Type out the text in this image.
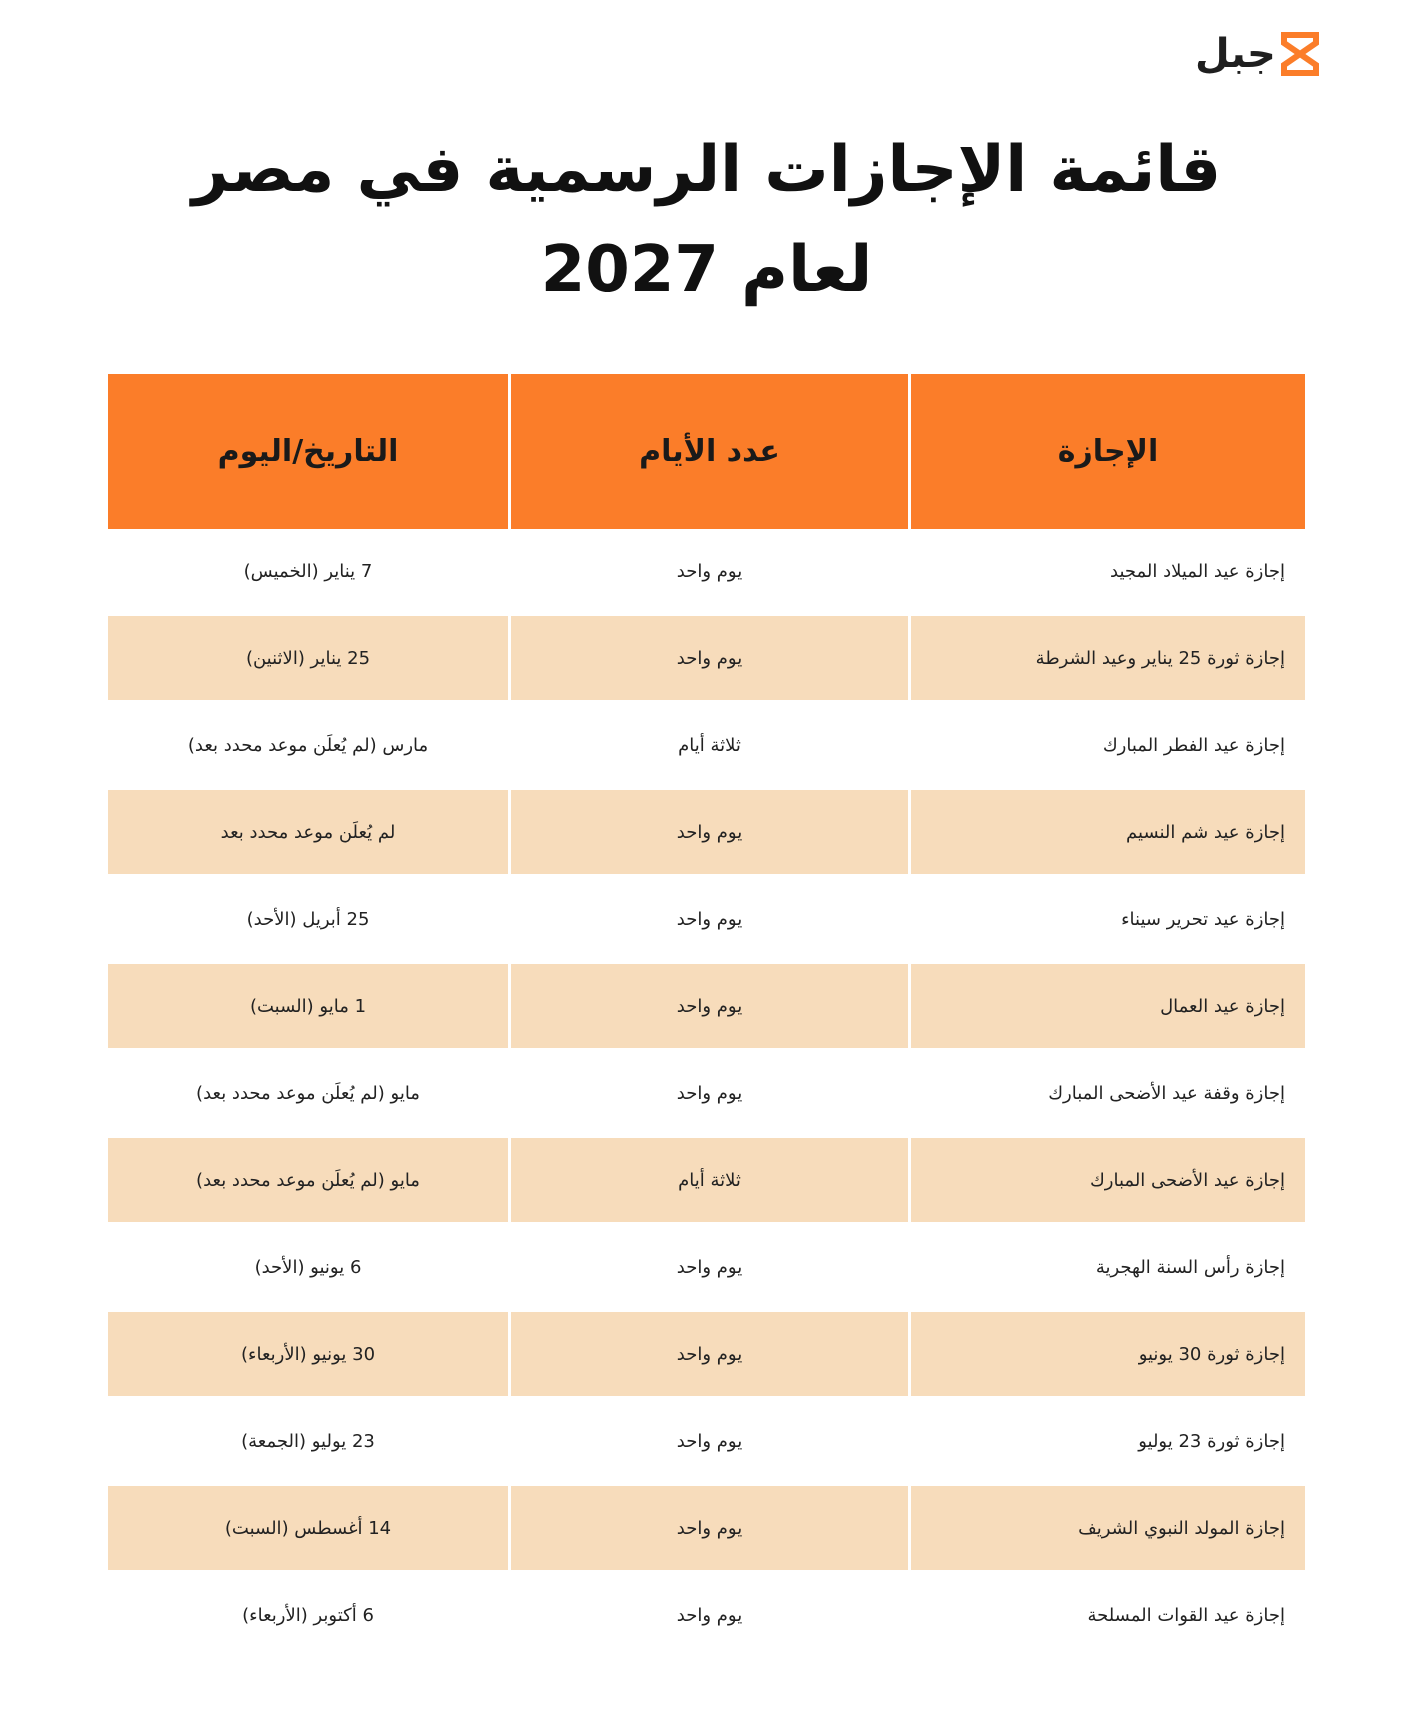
جبل
قائمة الإجازات الرسمية في مصر
لعام 2027
الإجازة
عدد الأيام
التاريخ/اليوم
إجازة عيد الميلاد المجيد
يوم واحد
7 يناير (الخميس)
إجازة ثورة 25 يناير وعيد الشرطة
يوم واحد
25 يناير (الاثنين)
إجازة عيد الفطر المبارك
ثلاثة أيام
مارس (لم يُعلَن موعد محدد بعد)
إجازة عيد شم النسيم
يوم واحد
لم يُعلَن موعد محدد بعد
إجازة عيد تحرير سيناء
يوم واحد
25 أبريل (الأحد)
إجازة عيد العمال
يوم واحد
1 مايو (السبت)
إجازة وقفة عيد الأضحى المبارك
يوم واحد
مايو (لم يُعلَن موعد محدد بعد)
إجازة عيد الأضحى المبارك
ثلاثة أيام
مايو (لم يُعلَن موعد محدد بعد)
إجازة رأس السنة الهجرية
يوم واحد
6 يونيو (الأحد)
إجازة ثورة 30 يونيو
يوم واحد
30 يونيو (الأربعاء)
إجازة ثورة 23 يوليو
يوم واحد
23 يوليو (الجمعة)
إجازة المولد النبوي الشريف
يوم واحد
14 أغسطس (السبت)
إجازة عيد القوات المسلحة
يوم واحد
6 أكتوبر (الأربعاء)
